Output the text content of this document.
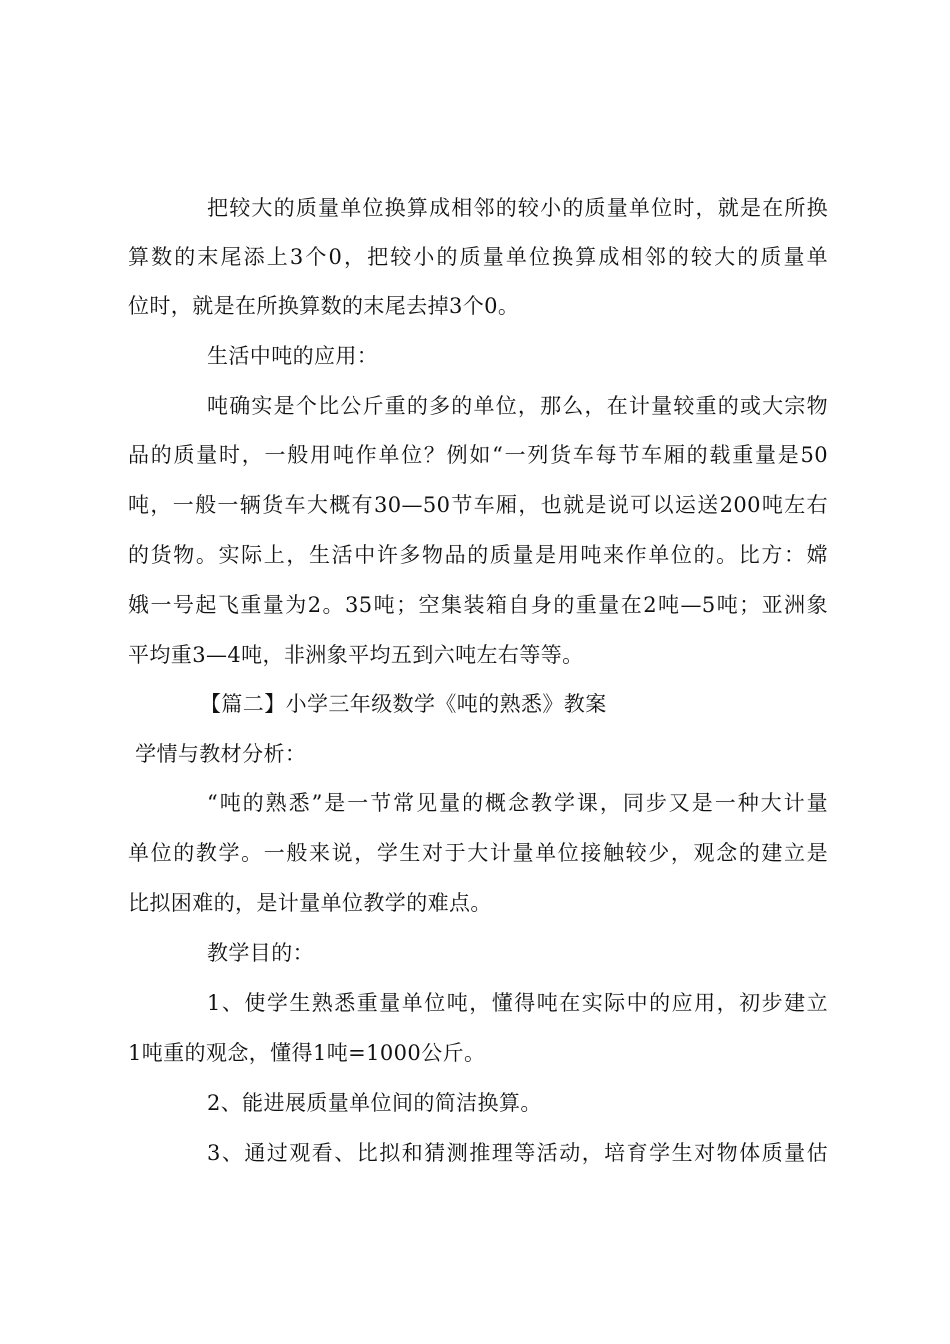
把较大的质量单位换算成相邻的较小的质量单位时，就是在所换
算数的末尾添上3个0，把较小的质量单位换算成相邻的较大的质量单
位时，就是在所换算数的末尾去掉3个0。
生活中吨的应用：
吨确实是个比公斤重的多的单位，那么，在计量较重的或大宗物
品的质量时，一般用吨作单位？例如“一列货车每节车厢的载重量是50
吨，一般一辆货车大概有30—50节车厢，也就是说可以运送200吨左右
的货物。实际上，生活中许多物品的质量是用吨来作单位的。比方：嫦
娥一号起飞重量为2。35吨；空集装箱自身的重量在2吨—5吨；亚洲象
平均重3—4吨，非洲象平均五到六吨左右等等。
【篇二】小学三年级数学《吨的熟悉》教案
学情与教材分析：
“吨的熟悉”是一节常见量的概念教学课，同步又是一种大计量
单位的教学。一般来说，学生对于大计量单位接触较少，观念的建立是
比拟困难的，是计量单位教学的难点。
教学目的：
1、使学生熟悉重量单位吨，懂得吨在实际中的应用，初步建立
1吨重的观念，懂得1吨=1000公斤。
2、能进展质量单位间的简洁换算。
3、通过观看、比拟和猜测推理等活动，培育学生对物体质量估
